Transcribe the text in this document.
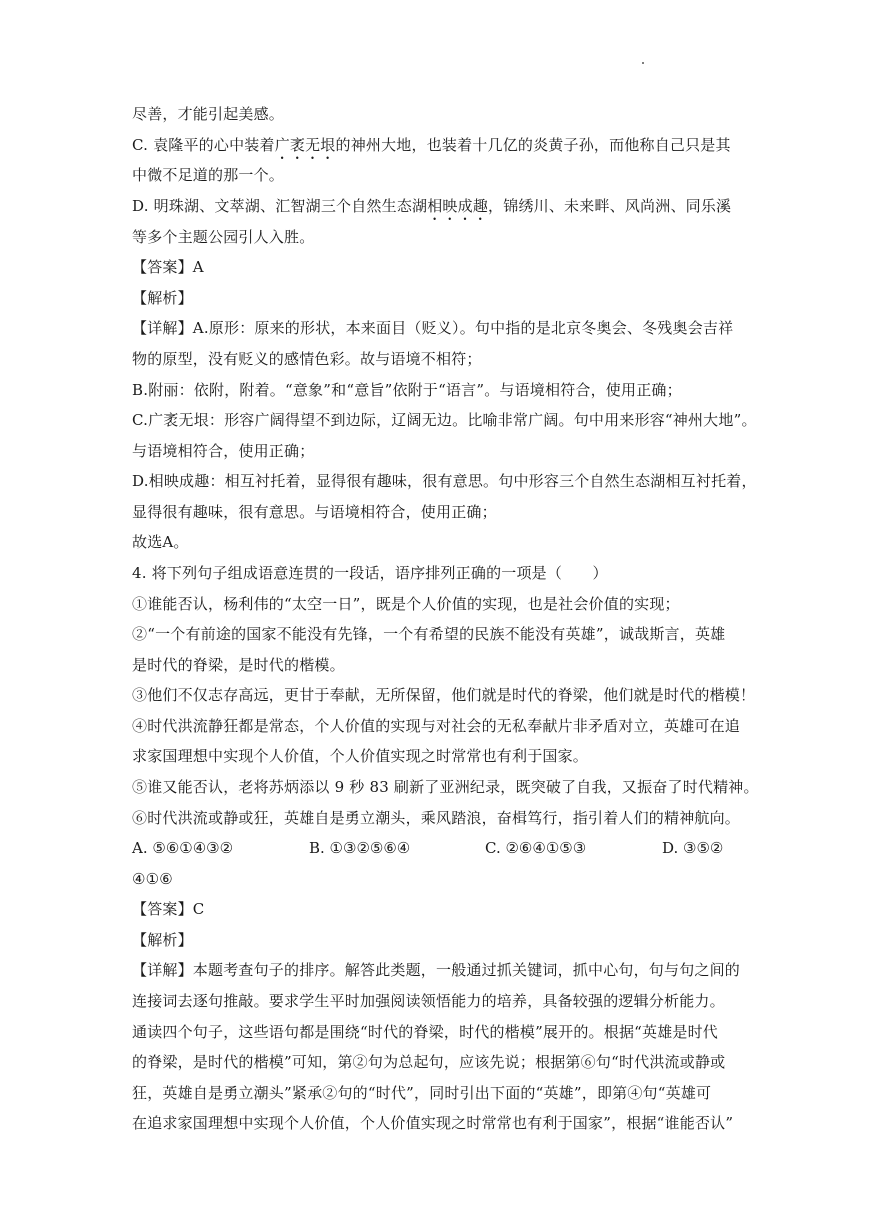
尽善，才能引起美感。
C. 袁隆平的心中装着广袤无垠的神州大地，也装着十几亿的炎黄子孙，而他称自己只是其
中微不足道的那一个。
D. 明珠湖、文萃湖、汇智湖三个自然生态湖相映成趣，锦绣川、未来畔、风尚洲、同乐溪
等多个主题公园引人入胜。
【答案】A
【解析】
【详解】A.原形：原来的形状，本来面目（贬义）。句中指的是北京冬奥会、冬残奥会吉祥
物的原型，没有贬义的感情色彩。故与语境不相符；
B.附丽：依附，附着。“意象”和“意旨”依附于“语言”。与语境相符合，使用正确；
C.广袤无垠：形容广阔得望不到边际，辽阔无边。比喻非常广阔。句中用来形容“神州大地”。
与语境相符合，使用正确；
D.相映成趣：相互衬托着，显得很有趣味，很有意思。句中形容三个自然生态湖相互衬托着，
显得很有趣味，很有意思。与语境相符合，使用正确；
故选A。
4. 将下列句子组成语意连贯的一段话，语序排列正确的一项是（　　）
①谁能否认，杨利伟的“太空一日”，既是个人价值的实现，也是社会价值的实现；
②“一个有前途的国家不能没有先锋，一个有希望的民族不能没有英雄”，诚哉斯言，英雄
是时代的脊梁，是时代的楷模。
③他们不仅志存高远，更甘于奉献，无所保留，他们就是时代的脊梁，他们就是时代的楷模！
④时代洪流静狂都是常态，个人价值的实现与对社会的无私奉献片非矛盾对立，英雄可在追
求家国理想中实现个人价值，个人价值实现之时常常也有利于国家。
⑤谁又能否认，老将苏炳添以 9 秒 83 刷新了亚洲纪录，既突破了自我，又振奋了时代精神。
⑥时代洪流或静或狂，英雄自是勇立潮头，乘风踏浪，奋楫笃行，指引着人们的精神航向。
A. ⑤⑥①④③②	B. ①③②⑤⑥④	C. ②⑥④①⑤③	D. ③⑤②
④①⑥
【答案】C
【解析】
【详解】本题考查句子的排序。解答此类题，一般通过抓关键词，抓中心句，句与句之间的
连接词去逐句推敲。要求学生平时加强阅读领悟能力的培养，具备较强的逻辑分析能力。
通读四个句子，这些语句都是围绕“时代的脊梁，时代的楷模”展开的。根据“英雄是时代
的脊梁，是时代的楷模”可知，第②句为总起句，应该先说；根据第⑥句“时代洪流或静或
狂，英雄自是勇立潮头”紧承②句的“时代”，同时引出下面的“英雄”，即第④句“英雄可
在追求家国理想中实现个人价值，个人价值实现之时常常也有利于国家”，根据“谁能否认”
